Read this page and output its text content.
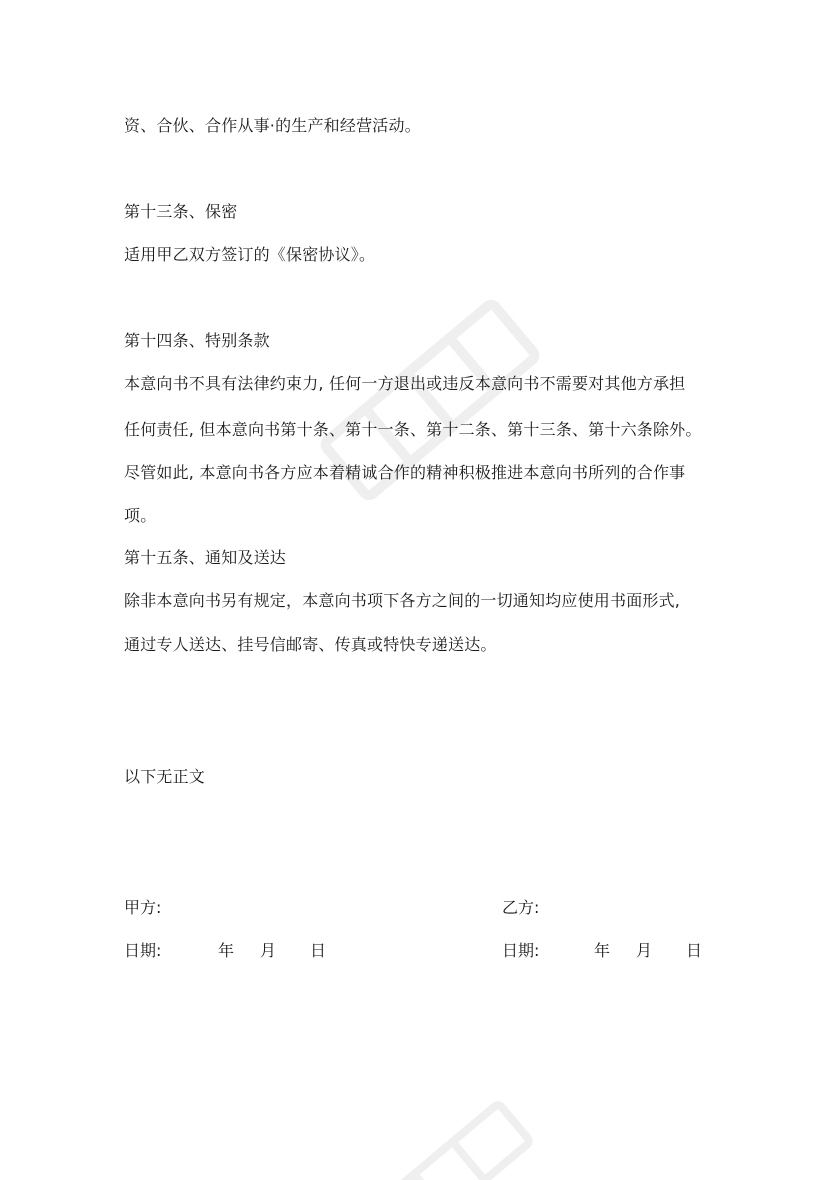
资、合伙、合作从事·的生产和经营活动。
第十三条、保密
适用甲乙双方签订的《保密协议》。
第十四条、特别条款
本意向书不具有法律约束力, 任何一方退出或违反本意向书不需要对其他方承担
任何责任, 但本意向书第十条、第十一条、第十二条、第十三条、第十六条除外。
尽管如此, 本意向书各方应本着精诚合作的精神积极推进本意向书所列的合作事
项。
第十五条、通知及送达
除非本意向书另有规定，本意向书项下各方之间的一切通知均应使用书面形式,
通过专人送达、挂号信邮寄、传真或特快专递送达。
以下无正文
甲方:	乙方:
日期:	年 月 日	日期:	年 月 日
